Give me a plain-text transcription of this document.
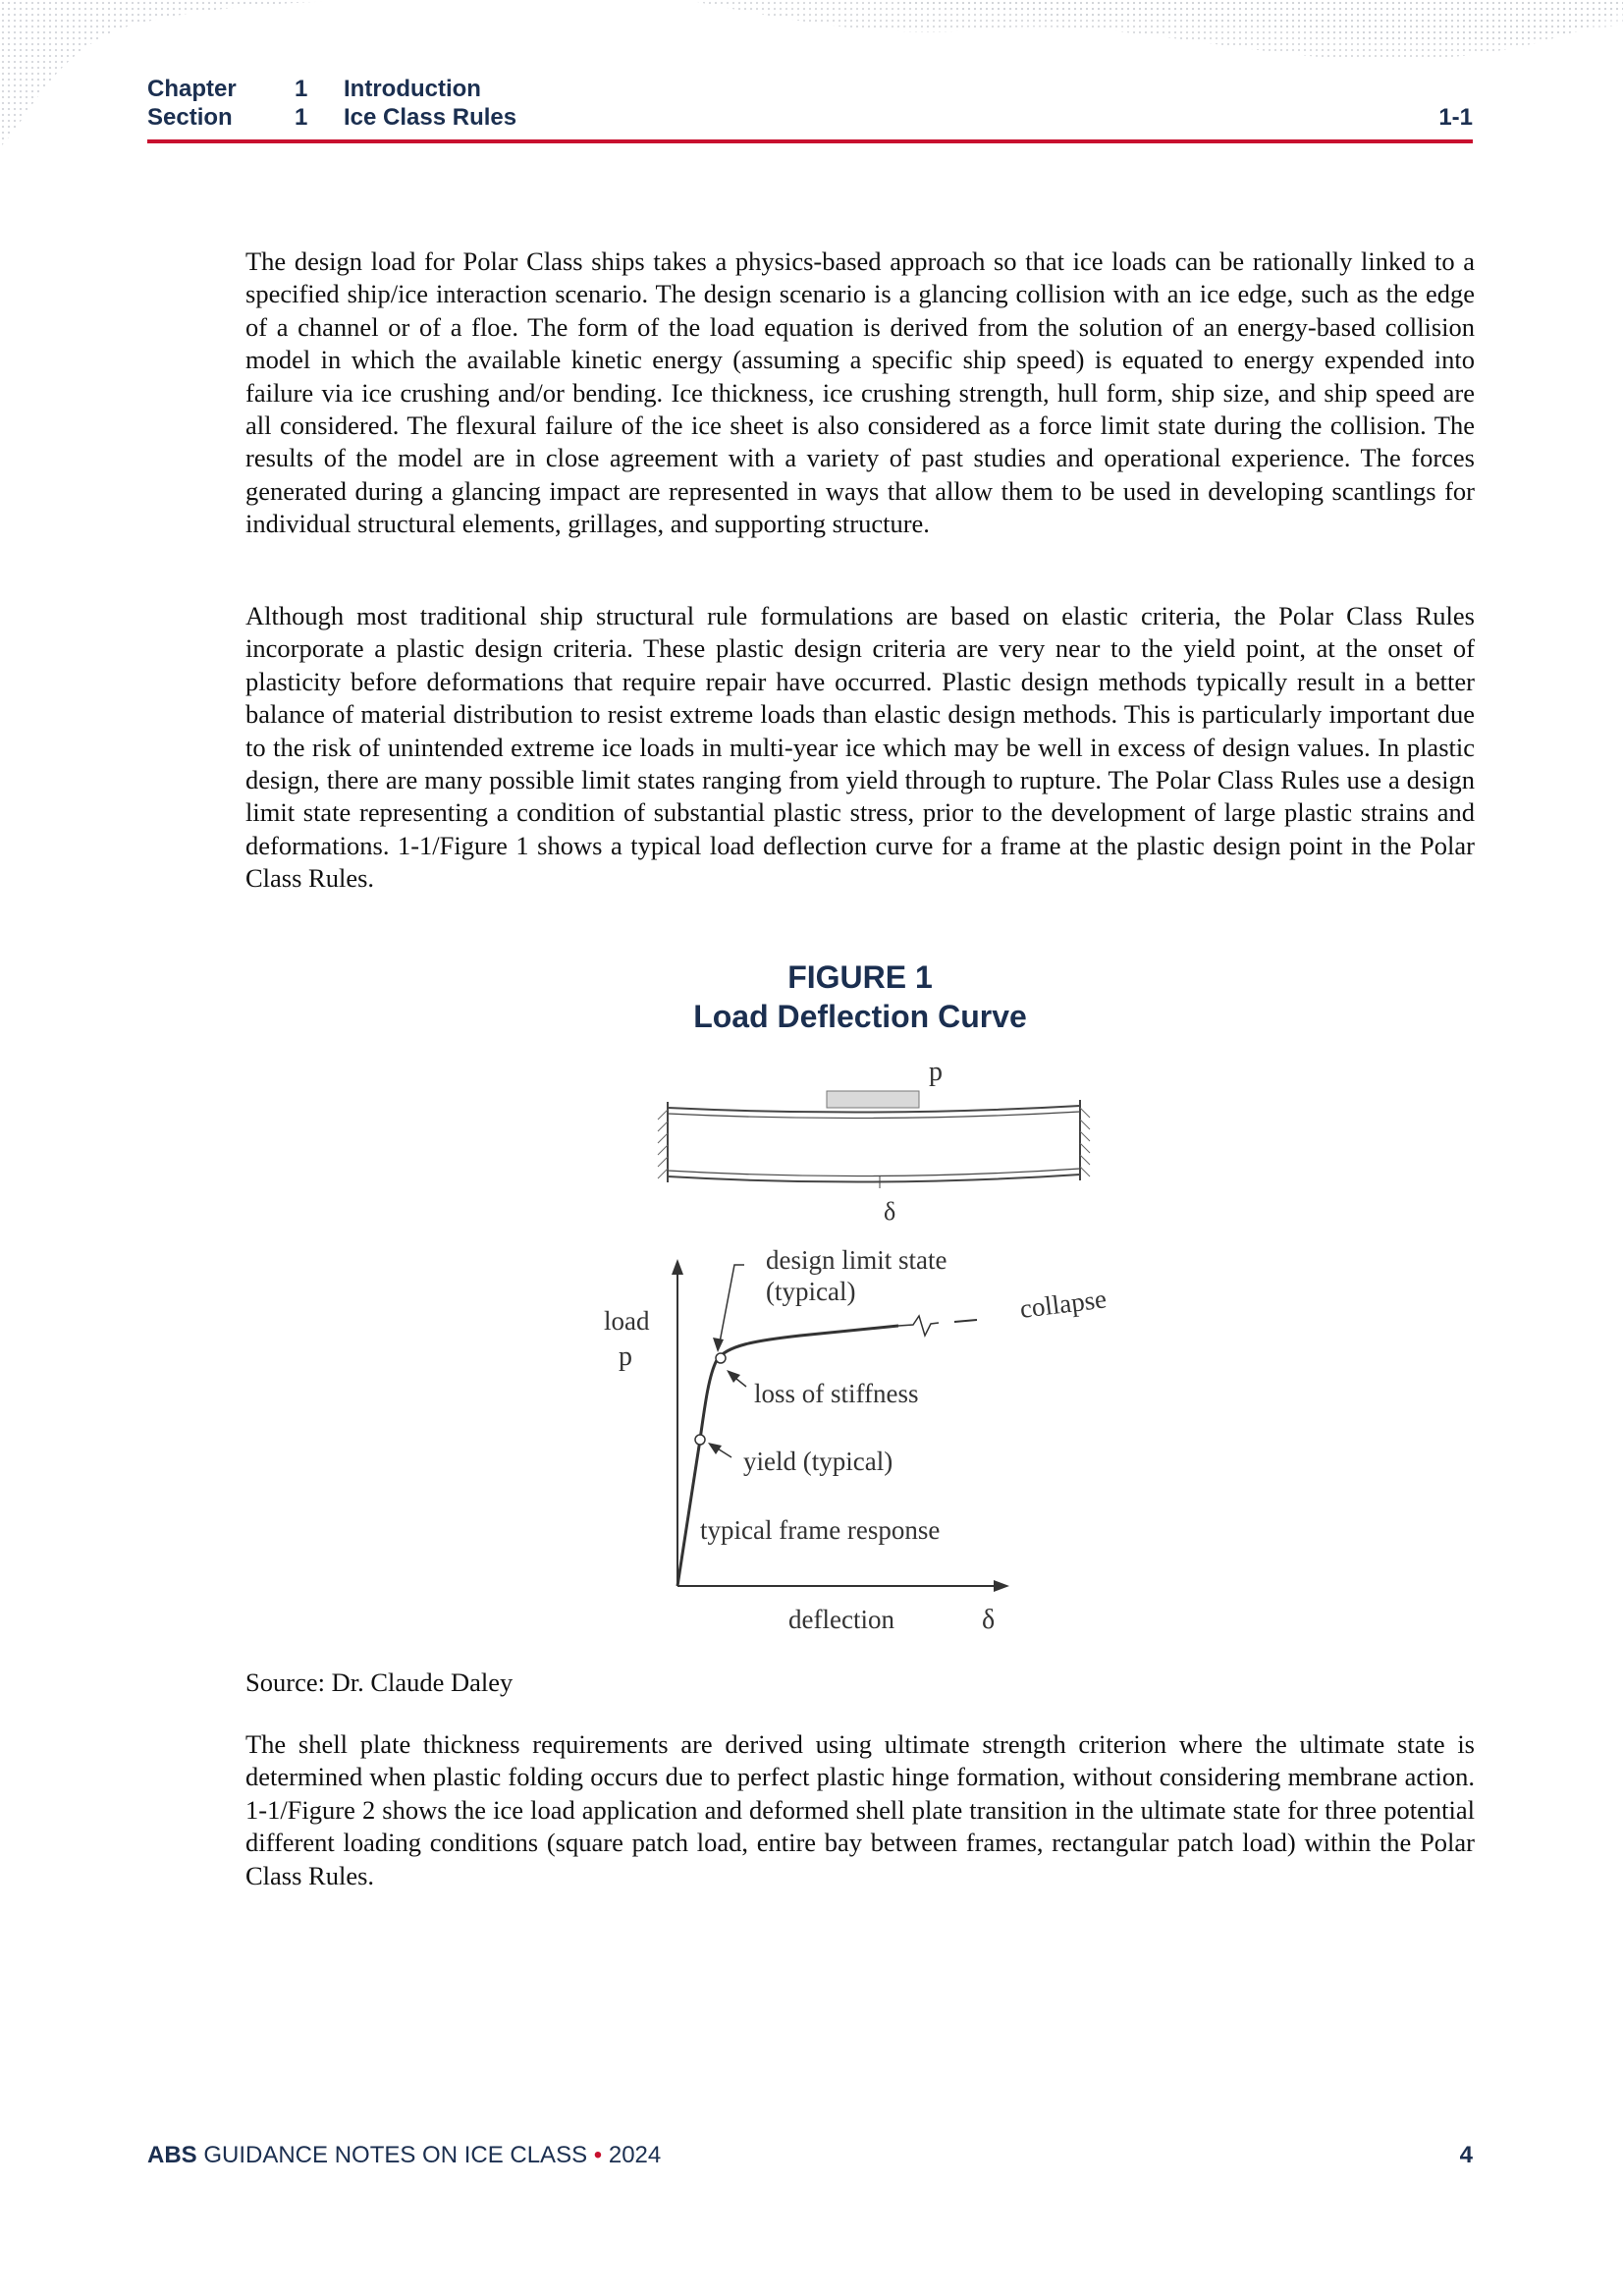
Chapter	1	Introduction
Section	1	Ice Class Rules	1-1

The design load for Polar Class ships takes a physics-based approach so that ice loads can be rationally linked to a specified ship/ice interaction scenario. The design scenario is a glancing collision with an ice edge, such as the edge of a channel or of a floe. The form of the load equation is derived from the solution of an energy-based collision model in which the available kinetic energy (assuming a specific ship speed) is equated to energy expended into failure via ice crushing and/or bending. Ice thickness, ice crushing strength, hull form, ship size, and ship speed are all considered. The flexural failure of the ice sheet is also considered as a force limit state during the collision. The results of the model are in close agreement with a variety of past studies and operational experience. The forces generated during a glancing impact are represented in ways that allow them to be used in developing scantlings for individual structural elements, grillages, and supporting structure.

Although most traditional ship structural rule formulations are based on elastic criteria, the Polar Class Rules incorporate a plastic design criteria. These plastic design criteria are very near to the yield point, at the onset of plasticity before deformations that require repair have occurred. Plastic design methods typically result in a better balance of material distribution to resist extreme loads than elastic design methods. This is particularly important due to the risk of unintended extreme ice loads in multi-year ice which may be well in excess of design values. In plastic design, there are many possible limit states ranging from yield through to rupture. The Polar Class Rules use a design limit state representing a condition of substantial plastic stress, prior to the development of large plastic strains and deformations. 1-1/Figure 1 shows a typical load deflection curve for a frame at the plastic design point in the Polar Class Rules.

FIGURE 1
Load Deflection Curve
p
δ
design limit state
(typical)	collapse
load
p
loss of stiffness
yield (typical)
typical frame response
deflection	δ
Source: Dr. Claude Daley

The shell plate thickness requirements are derived using ultimate strength criterion where the ultimate state is determined when plastic folding occurs due to perfect plastic hinge formation, without considering membrane action. 1-1/Figure 2 shows the ice load application and deformed shell plate transition in the ultimate state for three potential different loading conditions (square patch load, entire bay between frames, rectangular patch load) within the Polar Class Rules.

ABS GUIDANCE NOTES ON ICE CLASS • 2024	4
